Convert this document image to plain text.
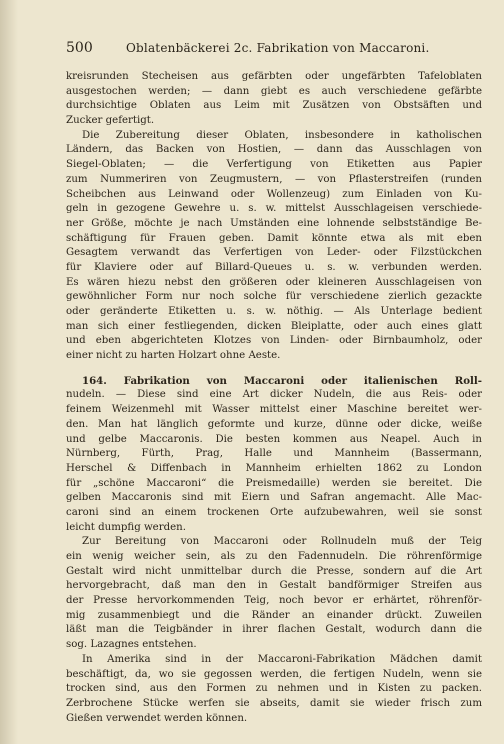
500	Oblatenbäckerei 2c. Fabrikation von Maccaroni.
kreisrunden Stecheisen aus gefärbten oder ungefärbten Tafeloblaten
ausgestochen werden; — dann giebt es auch verschiedene gefärbte
durchsichtige Oblaten aus Leim mit Zusätzen von Obstsäften und
Zucker gefertigt.
Die Zubereitung dieser Oblaten, insbesondere in katholischen
Ländern, das Backen von Hostien, — dann das Ausschlagen von
Siegel-Oblaten; — die Verfertigung von Etiketten aus Papier
zum Nummeriren von Zeugmustern, — von Pflasterstreifen (runden
Scheibchen aus Leinwand oder Wollenzeug) zum Einladen von Ku-
geln in gezogene Gewehre u. s. w. mittelst Ausschlageisen verschiede-
ner Größe, möchte je nach Umständen eine lohnende selbstständige Be-
schäftigung für Frauen geben. Damit könnte etwa als mit eben
Gesagtem verwandt das Verfertigen von Leder- oder Filzstückchen
für Klaviere oder auf Billard-Queues u. s. w. verbunden werden.
Es wären hiezu nebst den größeren oder kleineren Ausschlageisen von
gewöhnlicher Form nur noch solche für verschiedene zierlich gezackte
oder geränderte Etiketten u. s. w. nöthig. — Als Unterlage bedient
man sich einer festliegenden, dicken Bleiplatte, oder auch eines glatt
und eben abgerichteten Klotzes von Linden- oder Birnbaumholz, oder
einer nicht zu harten Holzart ohne Aeste.
164. Fabrikation von Maccaroni oder italienischen Roll-
nudeln. — Diese sind eine Art dicker Nudeln, die aus Reis- oder
feinem Weizenmehl mit Wasser mittelst einer Maschine bereitet wer-
den. Man hat länglich geformte und kurze, dünne oder dicke, weiße
und gelbe Maccaronis. Die besten kommen aus Neapel. Auch in
Nürnberg, Fürth, Prag, Halle und Mannheim (Bassermann,
Herschel & Diffenbach in Mannheim erhielten 1862 zu London
für „schöne Maccaroni“ die Preismedaille) werden sie bereitet. Die
gelben Maccaronis sind mit Eiern und Safran angemacht. Alle Mac-
caroni sind an einem trockenen Orte aufzubewahren, weil sie sonst
leicht dumpfig werden.
Zur Bereitung von Maccaroni oder Rollnudeln muß der Teig
ein wenig weicher sein, als zu den Fadennudeln. Die röhrenförmige
Gestalt wird nicht unmittelbar durch die Presse, sondern auf die Art
hervorgebracht, daß man den in Gestalt bandförmiger Streifen aus
der Presse hervorkommenden Teig, noch bevor er erhärtet, röhrenför-
mig zusammenbiegt und die Ränder an einander drückt. Zuweilen
läßt man die Teigbänder in ihrer flachen Gestalt, wodurch dann die
sog. Lazagnes entstehen.
In Amerika sind in der Maccaroni-Fabrikation Mädchen damit
beschäftigt, da, wo sie gegossen werden, die fertigen Nudeln, wenn sie
trocken sind, aus den Formen zu nehmen und in Kisten zu packen.
Zerbrochene Stücke werfen sie abseits, damit sie wieder frisch zum
Gießen verwendet werden können.
